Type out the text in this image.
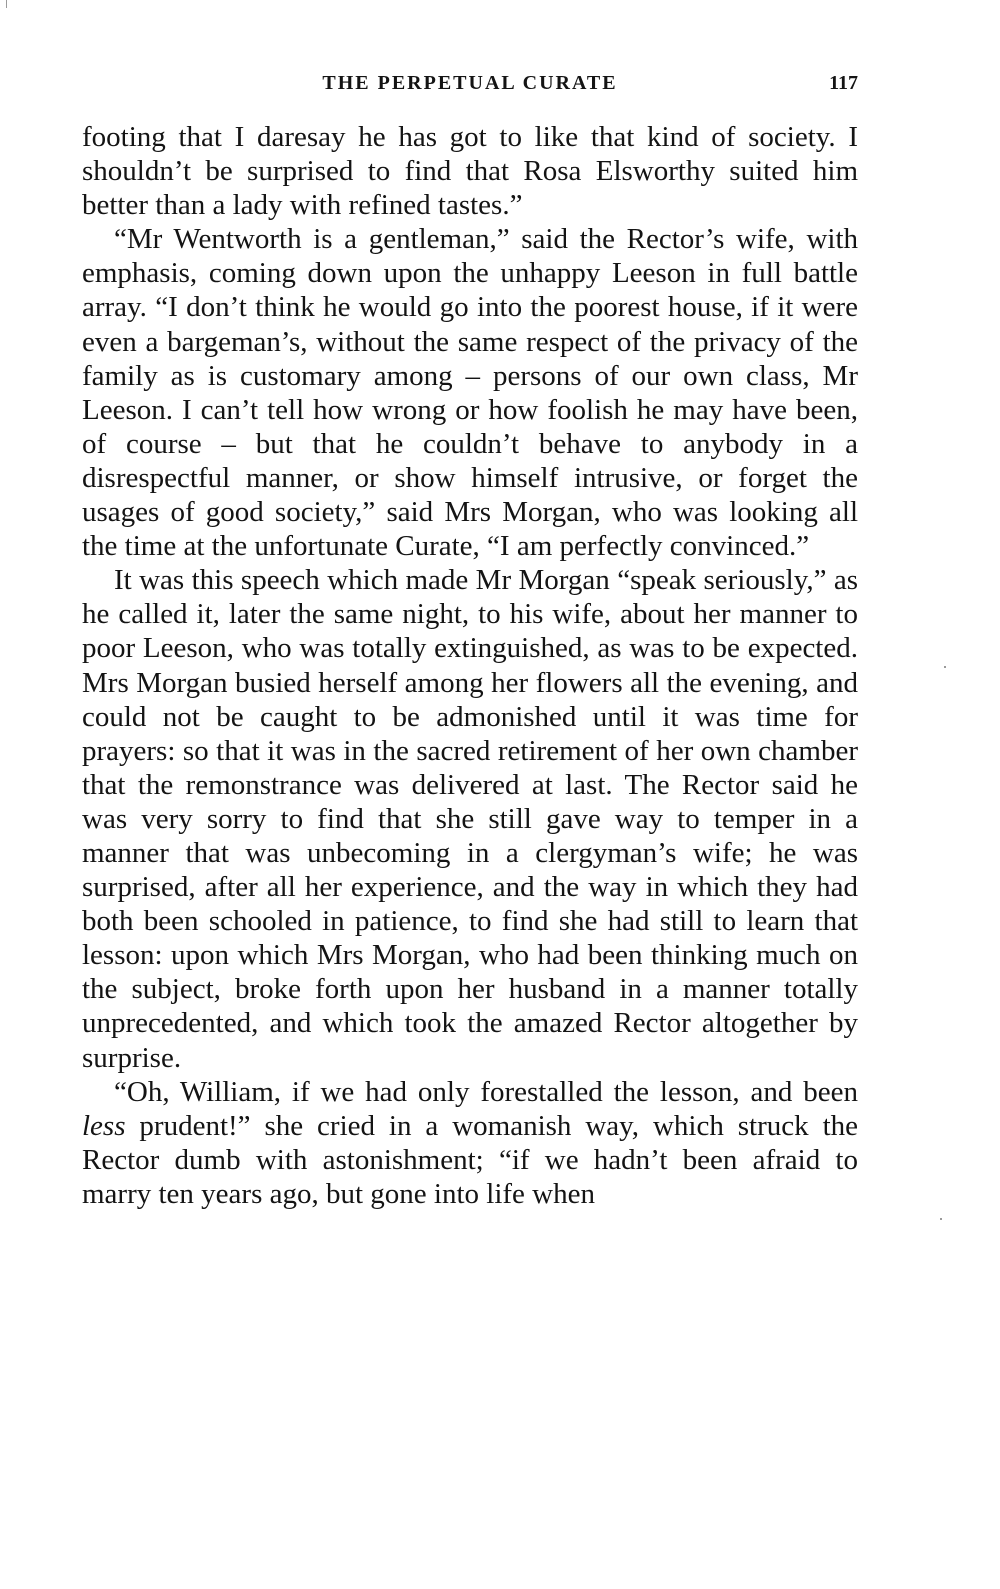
THE PERPETUAL CURATE	117

footing that I daresay he has got to like that kind of society. I shouldn’t be surprised to find that Rosa Elsworthy suited him better than a lady with refined tastes.”

“Mr Wentworth is a gentleman,” said the Rector’s wife, with emphasis, coming down upon the unhappy Leeson in full battle array. “I don’t think he would go into the poorest house, if it were even a bargeman’s, without the same respect of the privacy of the family as is customary among – persons of our own class, Mr Leeson. I can’t tell how wrong or how foolish he may have been, of course – but that he couldn’t behave to anybody in a disrespectful manner, or show himself intrusive, or forget the usages of good society,” said Mrs Morgan, who was looking all the time at the unfortunate Curate, “I am perfectly convinced.”

It was this speech which made Mr Morgan “speak seriously,” as he called it, later the same night, to his wife, about her manner to poor Leeson, who was totally extinguished, as was to be expected. Mrs Morgan busied herself among her flowers all the evening, and could not be caught to be admonished until it was time for prayers: so that it was in the sacred retirement of her own chamber that the remonstrance was delivered at last. The Rector said he was very sorry to find that she still gave way to temper in a manner that was unbecoming in a clergyman’s wife; he was surprised, after all her experience, and the way in which they had both been schooled in patience, to find she had still to learn that lesson: upon which Mrs Morgan, who had been thinking much on the subject, broke forth upon her husband in a manner totally unprecedented, and which took the amazed Rector altogether by surprise.

“Oh, William, if we had only forestalled the lesson, and been less prudent!” she cried in a womanish way, which struck the Rector dumb with astonishment; “if we hadn’t been afraid to marry ten years ago, but gone into life when
